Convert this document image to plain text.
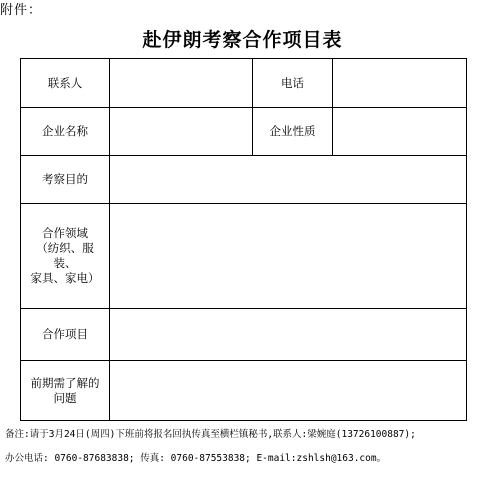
附件：
赴伊朗考察合作项目表
联系人		电话	
企业名称		企业性质	
考察目的			
合作领域
（纺织、服装、
家具、家电）			
合作项目			
前期需了解的
问题			
备注:请于3月24日(周四)下班前将报名回执传真至横栏镇秘书,联系人:梁婉庭(13726100887);
办公电话: 0760-87683838; 传真: 0760-87553838; E-mail:zshlsh@163.com。
